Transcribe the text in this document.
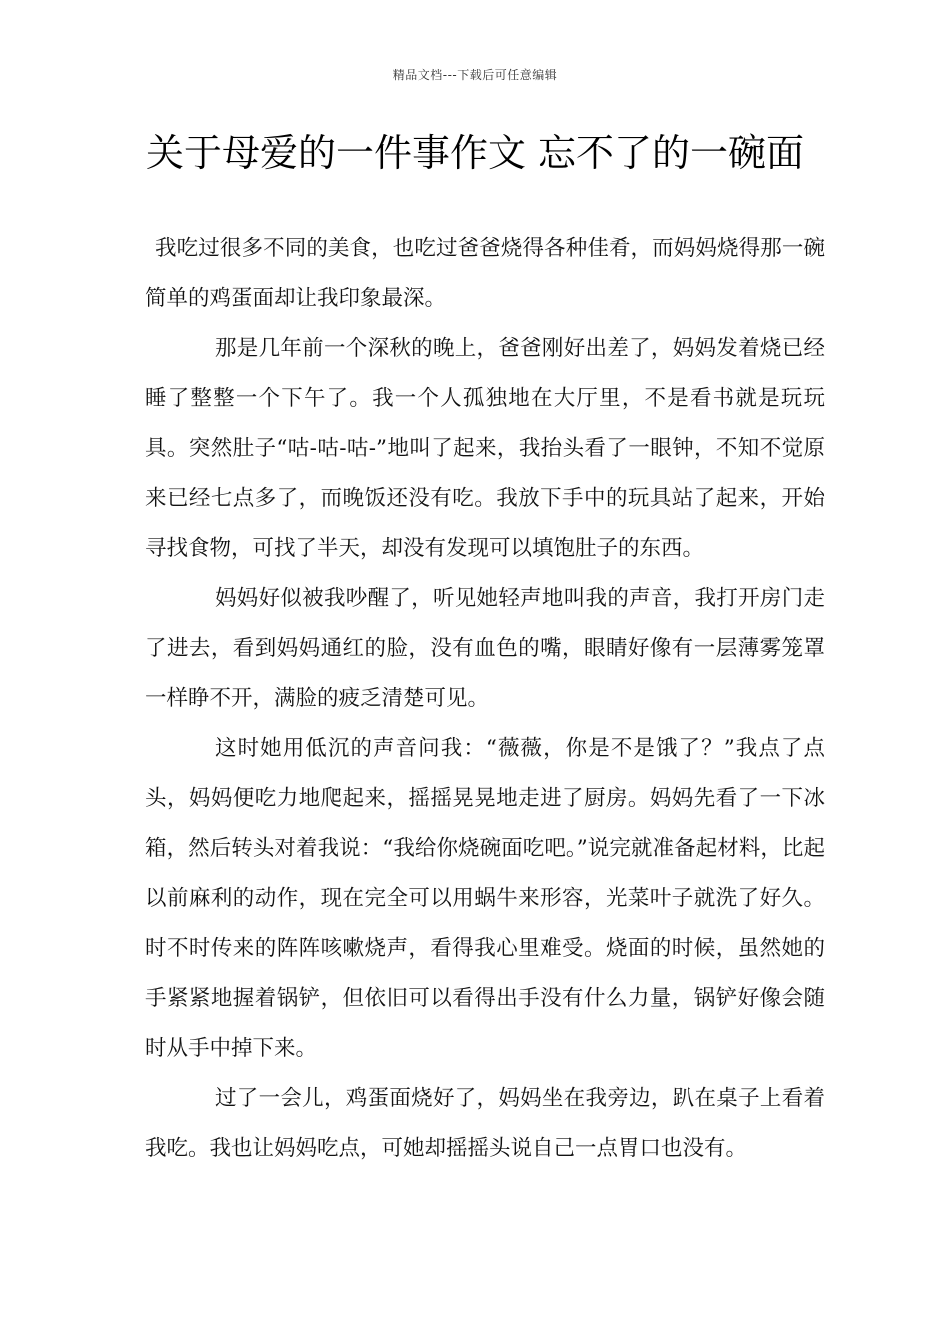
精品文档---下载后可任意编辑
关于母爱的一件事作文 忘不了的一碗面

我吃过很多不同的美食，也吃过爸爸烧得各种佳肴，而妈妈烧得那一碗简单的鸡蛋面却让我印象最深。

那是几年前一个深秋的晚上，爸爸刚好出差了，妈妈发着烧已经睡了整整一个下午了。我一个人孤独地在大厅里，不是看书就是玩玩具。突然肚子“咕-咕-咕-”地叫了起来，我抬头看了一眼钟，不知不觉原来已经七点多了，而晚饭还没有吃。我放下手中的玩具站了起来，开始寻找食物，可找了半天，却没有发现可以填饱肚子的东西。

妈妈好似被我吵醒了，听见她轻声地叫我的声音，我打开房门走了进去，看到妈妈通红的脸，没有血色的嘴，眼睛好像有一层薄雾笼罩一样睁不开，满脸的疲乏清楚可见。

这时她用低沉的声音问我：“薇薇，你是不是饿了？”我点了点头，妈妈便吃力地爬起来，摇摇晃晃地走进了厨房。妈妈先看了一下冰箱，然后转头对着我说：“我给你烧碗面吃吧。”说完就准备起材料，比起以前麻利的动作，现在完全可以用蜗牛来形容，光菜叶子就洗了好久。时不时传来的阵阵咳嗽烧声，看得我心里难受。烧面的时候，虽然她的手紧紧地握着锅铲，但依旧可以看得出手没有什么力量，锅铲好像会随时从手中掉下来。

过了一会儿，鸡蛋面烧好了，妈妈坐在我旁边，趴在桌子上看着我吃。我也让妈妈吃点，可她却摇摇头说自己一点胃口也没有。
